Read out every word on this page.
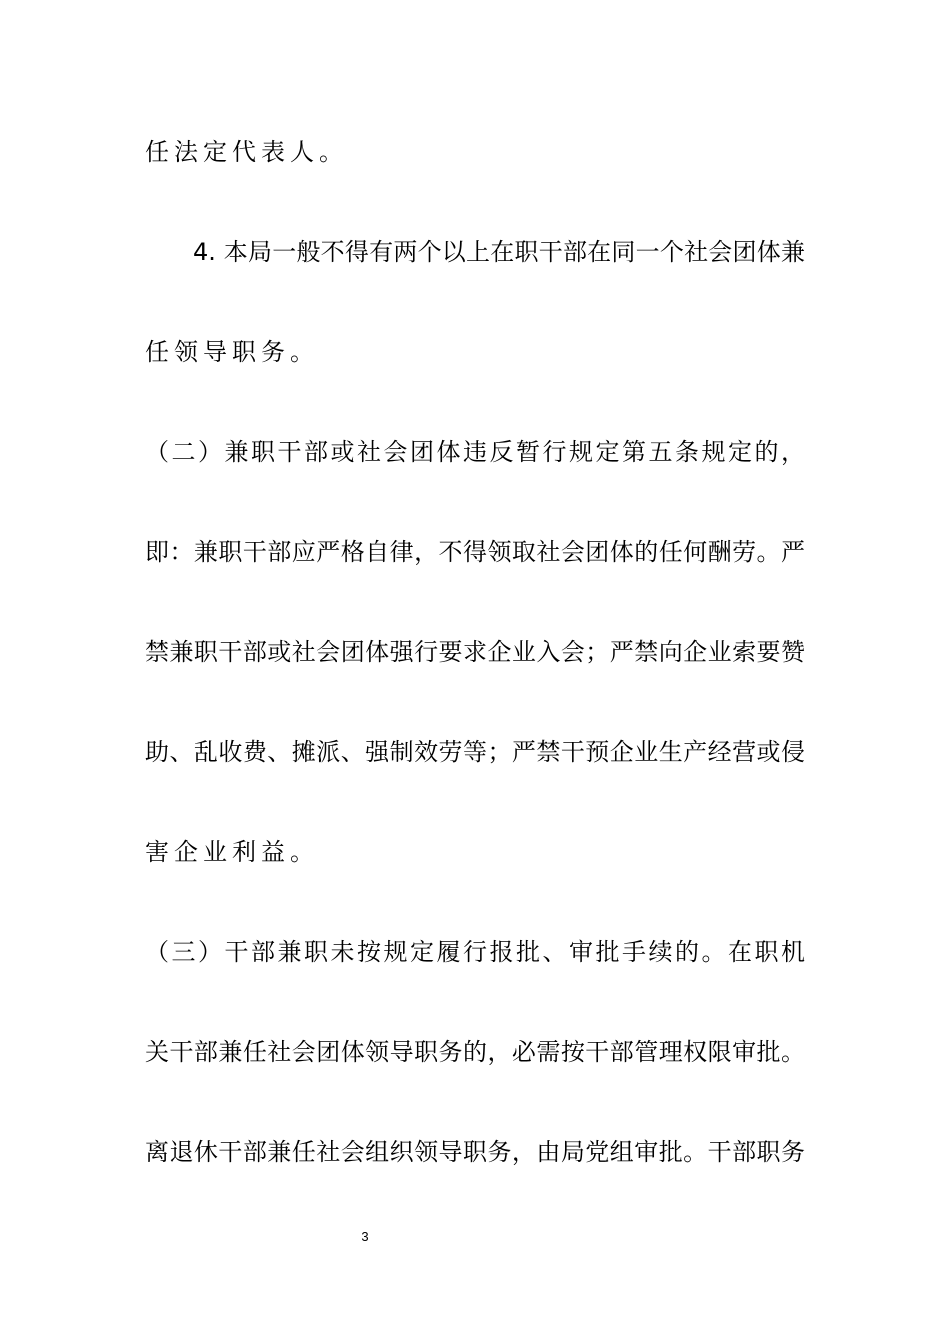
任法定代表人。
4. 本局一般不得有两个以上在职干部在同一个社会团体兼
任领导职务。
（二）兼职干部或社会团体违反暂行规定第五条规定的，
即：兼职干部应严格自律，不得领取社会团体的任何酬劳。严
禁兼职干部或社会团体强行要求企业入会；严禁向企业索要赞
助、乱收费、摊派、强制效劳等；严禁干预企业生产经营或侵
害企业利益。
（三）干部兼职未按规定履行报批、审批手续的。在职机
关干部兼任社会团体领导职务的，必需按干部管理权限审批。
离退休干部兼任社会组织领导职务，由局党组审批。干部职务
3
